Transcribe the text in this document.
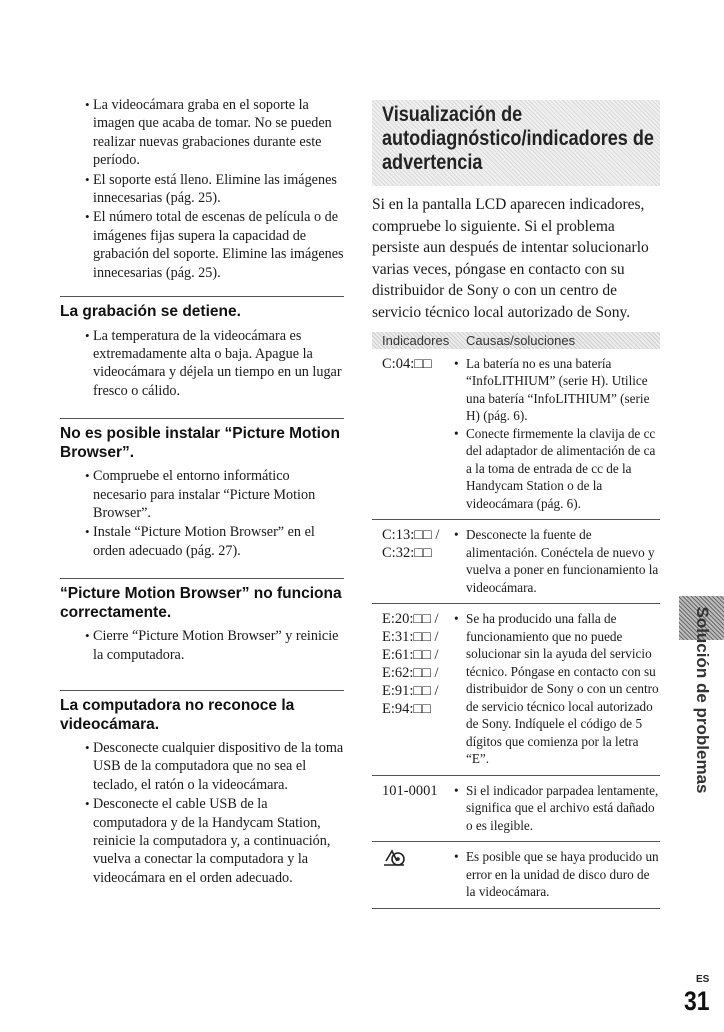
• La videocámara graba en el soporte la imagen que acaba de tomar. No se pueden realizar nuevas grabaciones durante este período.

• El soporte está lleno. Elimine las imágenes innecesarias (pág. 25).

• El número total de escenas de película o de imágenes fijas supera la capacidad de grabación del soporte. Elimine las imágenes innecesarias (pág. 25).

La grabación se detiene.

• La temperatura de la videocámara es extremadamente alta o baja. Apague la videocámara y déjela un tiempo en un lugar fresco o cálido.

No es posible instalar “Picture Motion Browser”.

• Compruebe el entorno informático necesario para instalar “Picture Motion Browser”.

• Instale “Picture Motion Browser” en el orden adecuado (pág. 27).

“Picture Motion Browser” no funciona correctamente.

• Cierre “Picture Motion Browser” y reinicie la computadora.

La computadora no reconoce la videocámara.

• Desconecte cualquier dispositivo de la toma USB de la computadora que no sea el teclado, el ratón o la videocámara.

• Desconecte el cable USB de la computadora y de la Handycam Station, reinicie la computadora y, a continuación, vuelva a conectar la computadora y la videocámara en el orden adecuado.

Visualización de autodiagnóstico/indicadores de advertencia

Si en la pantalla LCD aparecen indicadores, compruebe lo siguiente. Si el problema persiste aun después de intentar solucionarlo varias veces, póngase en contacto con su distribuidor de Sony o con un centro de servicio técnico local autorizado de Sony.

Indicadores Causas/soluciones
C:04:□□	• La batería no es una batería “InfoLITHIUM” (serie H). Utilice una batería “InfoLITHIUM” (serie H) (pág. 6).
• Conecte firmemente la clavija de cc del adaptador de alimentación de ca a la toma de entrada de cc de la Handycam Station o de la videocámara (pág. 6).
C:13:□□ /
C:32:□□
• Desconecte la fuente de alimentación. Conéctela de nuevo y vuelva a poner en funcionamiento la videocámara.
E:20:□□ /
E:31:□□ /
E:61:□□ /
E:62:□□ /
E:91:□□ /
E:94:□□
• Se ha producido una falla de funcionamiento que no puede solucionar sin la ayuda del servicio técnico. Póngase en contacto con su distribuidor de Sony o con un centro de servicio técnico local autorizado de Sony. Indíquele el código de 5 dígitos que comienza por la letra “E”.
101-0001	• Si el indicador parpadea lentamente, significa que el archivo está dañado o es ilegible.
• Es posible que se haya producido un error en la unidad de disco duro de la videocámara.
Solución de problemas
ES
31
